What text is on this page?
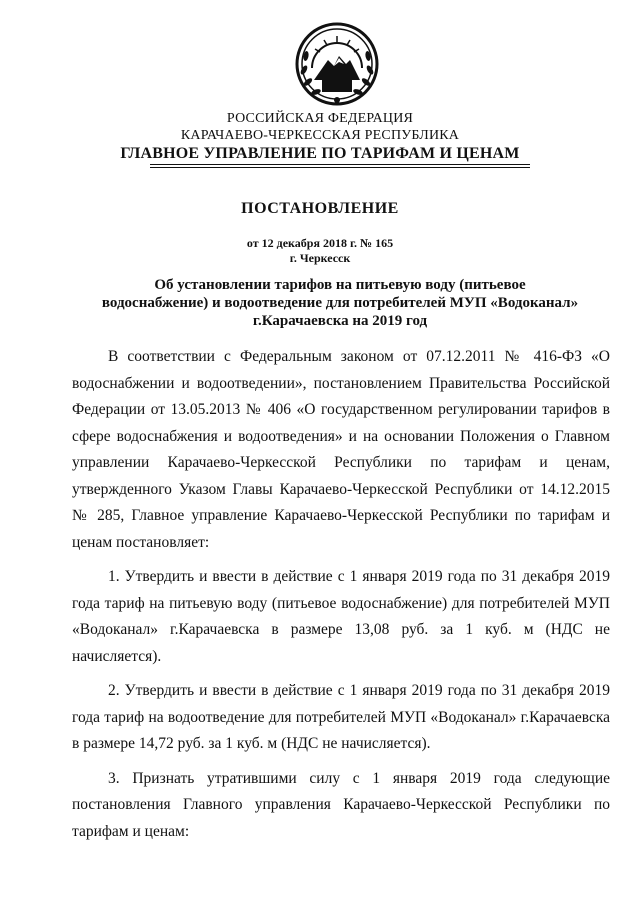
РОССИЙСКАЯ ФЕДЕРАЦИЯ
КАРАЧАЕВО-ЧЕРКЕССКАЯ РЕСПУБЛИКА
ГЛАВНОЕ УПРАВЛЕНИЕ ПО ТАРИФАМ И ЦЕНАМ
ПОСТАНОВЛЕНИЕ
от 12 декабря 2018 г. № 165
г. Черкесск
Об установлении тарифов на питьевую воду (питьевое водоснабжение) и водоотведение для потребителей МУП «Водоканал» г.Карачаевска на 2019 год

В соответствии с Федеральным законом от 07.12.2011 № 416-ФЗ «О водоснабжении и водоотведении», постановлением Правительства Российской Федерации от 13.05.2013 № 406 «О государственном регулировании тарифов в сфере водоснабжения и водоотведения» и на основании Положения о Главном управлении Карачаево-Черкесской Республики по тарифам и ценам, утвержденного Указом Главы Карачаево-Черкесской Республики от 14.12.2015 № 285, Главное управление Карачаево-Черкесской Республики по тарифам и ценам постановляет:

1. Утвердить и ввести в действие с 1 января 2019 года по 31 декабря 2019 года тариф на питьевую воду (питьевое водоснабжение) для потребителей МУП «Водоканал» г.Карачаевска в размере 13,08 руб. за 1 куб. м (НДС не начисляется).

2. Утвердить и ввести в действие с 1 января 2019 года по 31 декабря 2019 года тариф на водоотведение для потребителей МУП «Водоканал» г.Карачаевска в размере 14,72 руб. за 1 куб. м (НДС не начисляется).

3. Признать утратившими силу с 1 января 2019 года следующие постановления Главного управления Карачаево-Черкесской Республики по тарифам и ценам:
